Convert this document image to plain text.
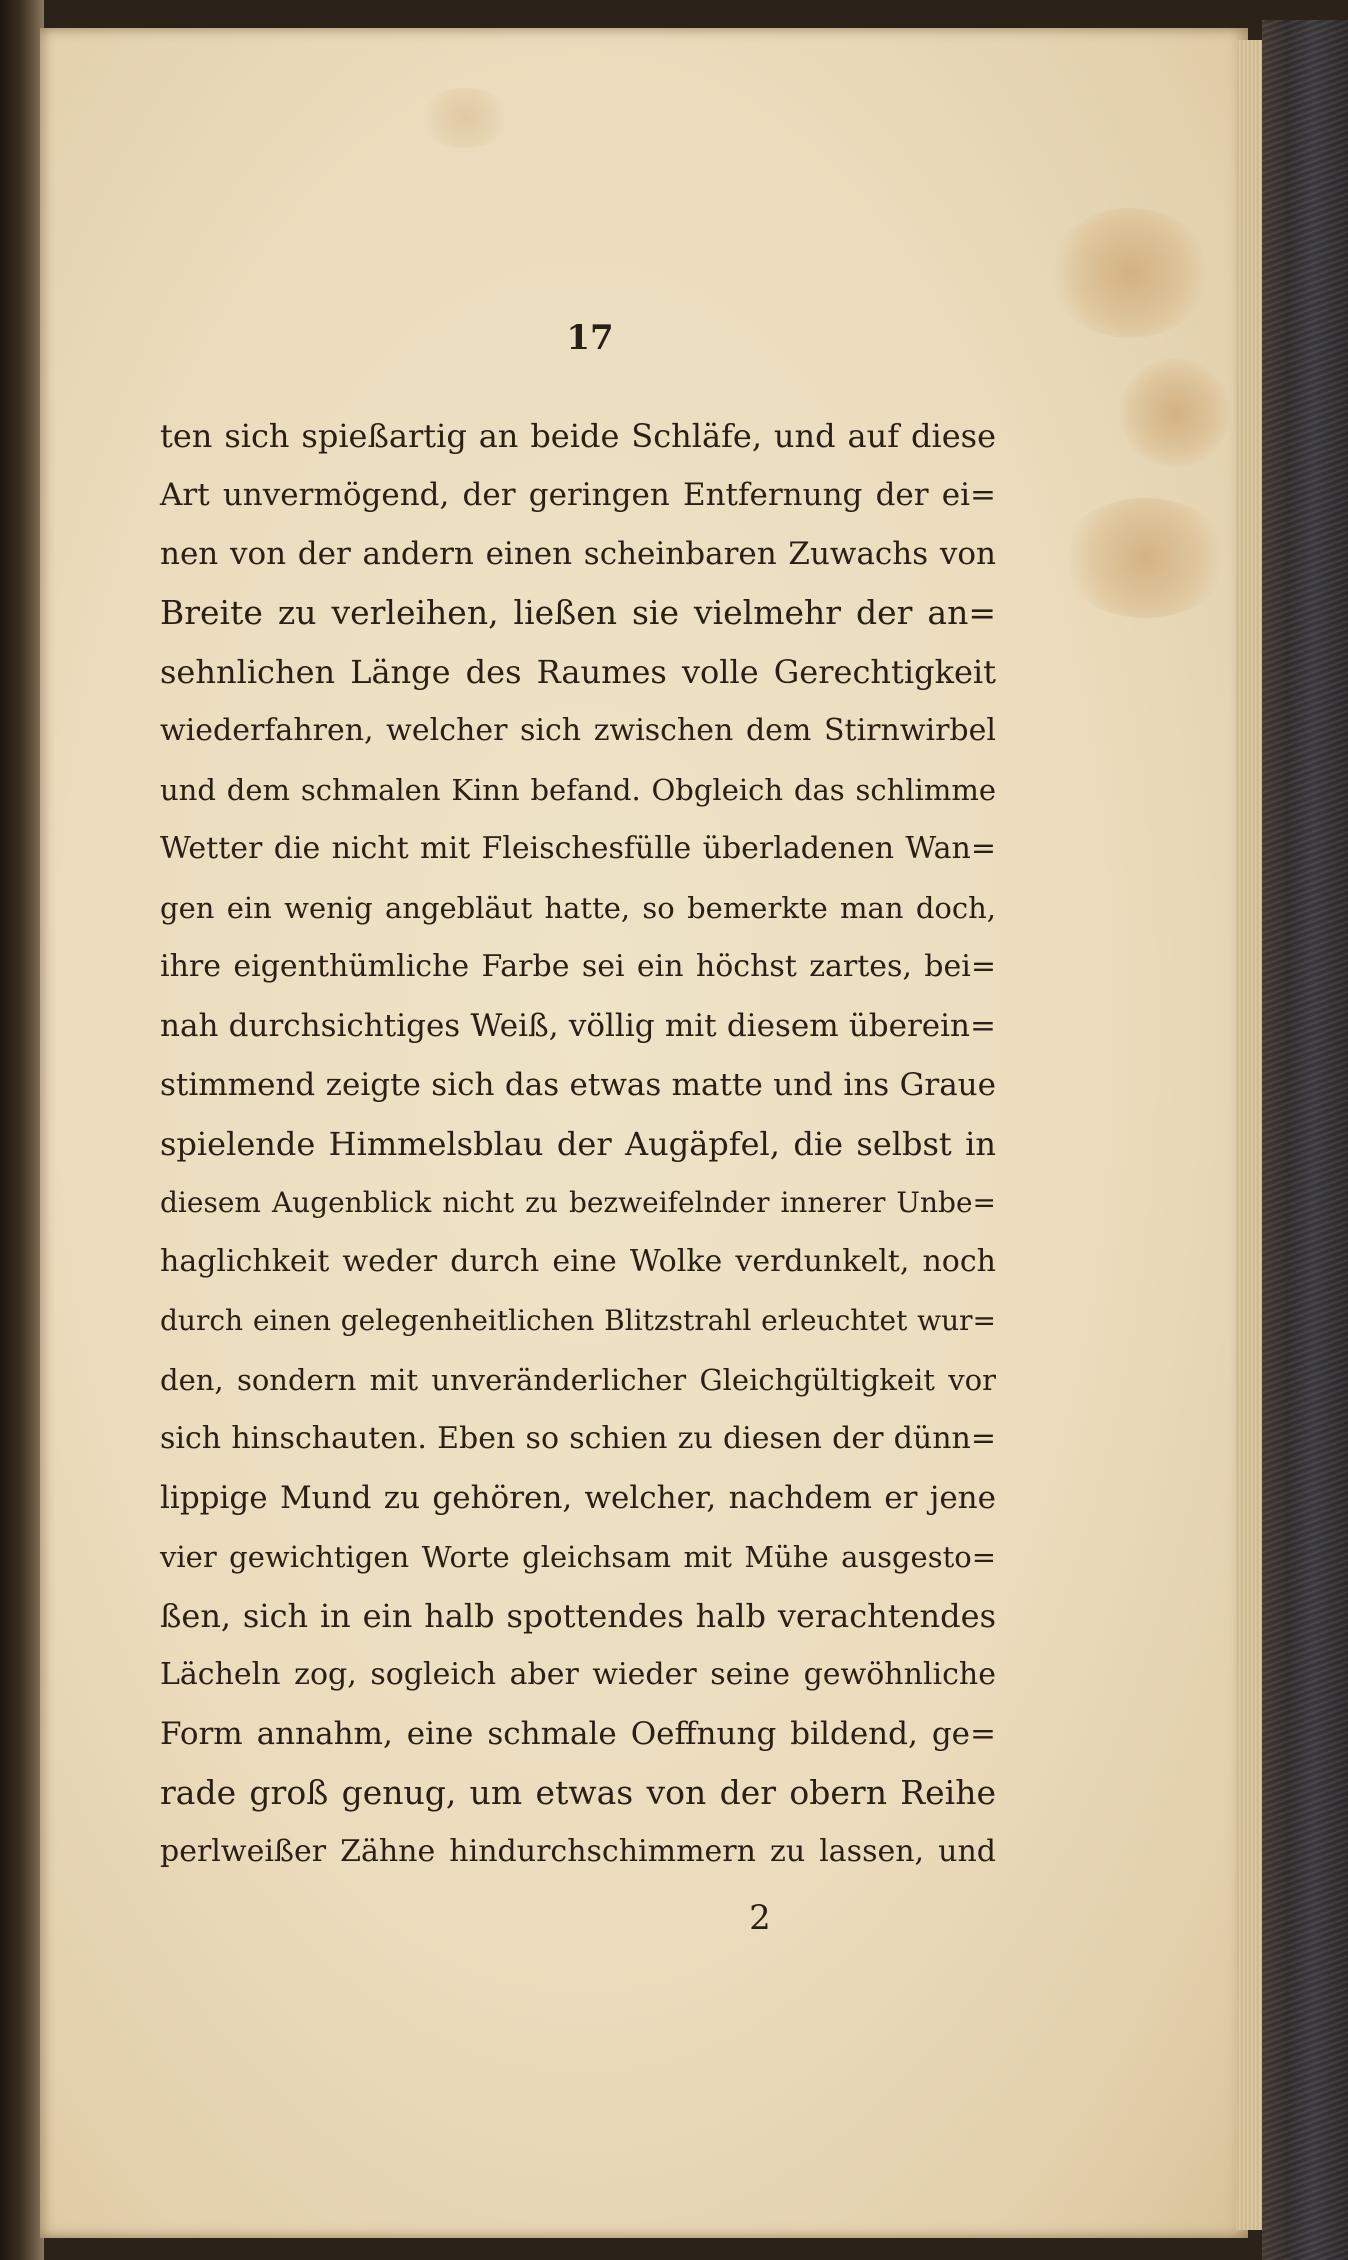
17
ten sich spießartig an beide Schläfe, und auf diese
Art unvermögend, der geringen Entfernung der ei=
nen von der andern einen scheinbaren Zuwachs von
Breite zu verleihen, ließen sie vielmehr der an=
sehnlichen Länge des Raumes volle Gerechtigkeit
wiederfahren, welcher sich zwischen dem Stirnwirbel
und dem schmalen Kinn befand. Obgleich das schlimme
Wetter die nicht mit Fleischesfülle überladenen Wan=
gen ein wenig angebläut hatte, so bemerkte man doch,
ihre eigenthümliche Farbe sei ein höchst zartes, bei=
nah durchsichtiges Weiß, völlig mit diesem überein=
stimmend zeigte sich das etwas matte und ins Graue
spielende Himmelsblau der Augäpfel, die selbst in
diesem Augenblick nicht zu bezweifelnder innerer Unbe=
haglichkeit weder durch eine Wolke verdunkelt, noch
durch einen gelegenheitlichen Blitzstrahl erleuchtet wur=
den, sondern mit unveränderlicher Gleichgültigkeit vor
sich hinschauten. Eben so schien zu diesen der dünn=
lippige Mund zu gehören, welcher, nachdem er jene
vier gewichtigen Worte gleichsam mit Mühe ausgesto=
ßen, sich in ein halb spottendes halb verachtendes
Lächeln zog, sogleich aber wieder seine gewöhnliche
Form annahm, eine schmale Oeffnung bildend, ge=
rade groß genug, um etwas von der obern Reihe
perlweißer Zähne hindurchschimmern zu lassen, und
2
